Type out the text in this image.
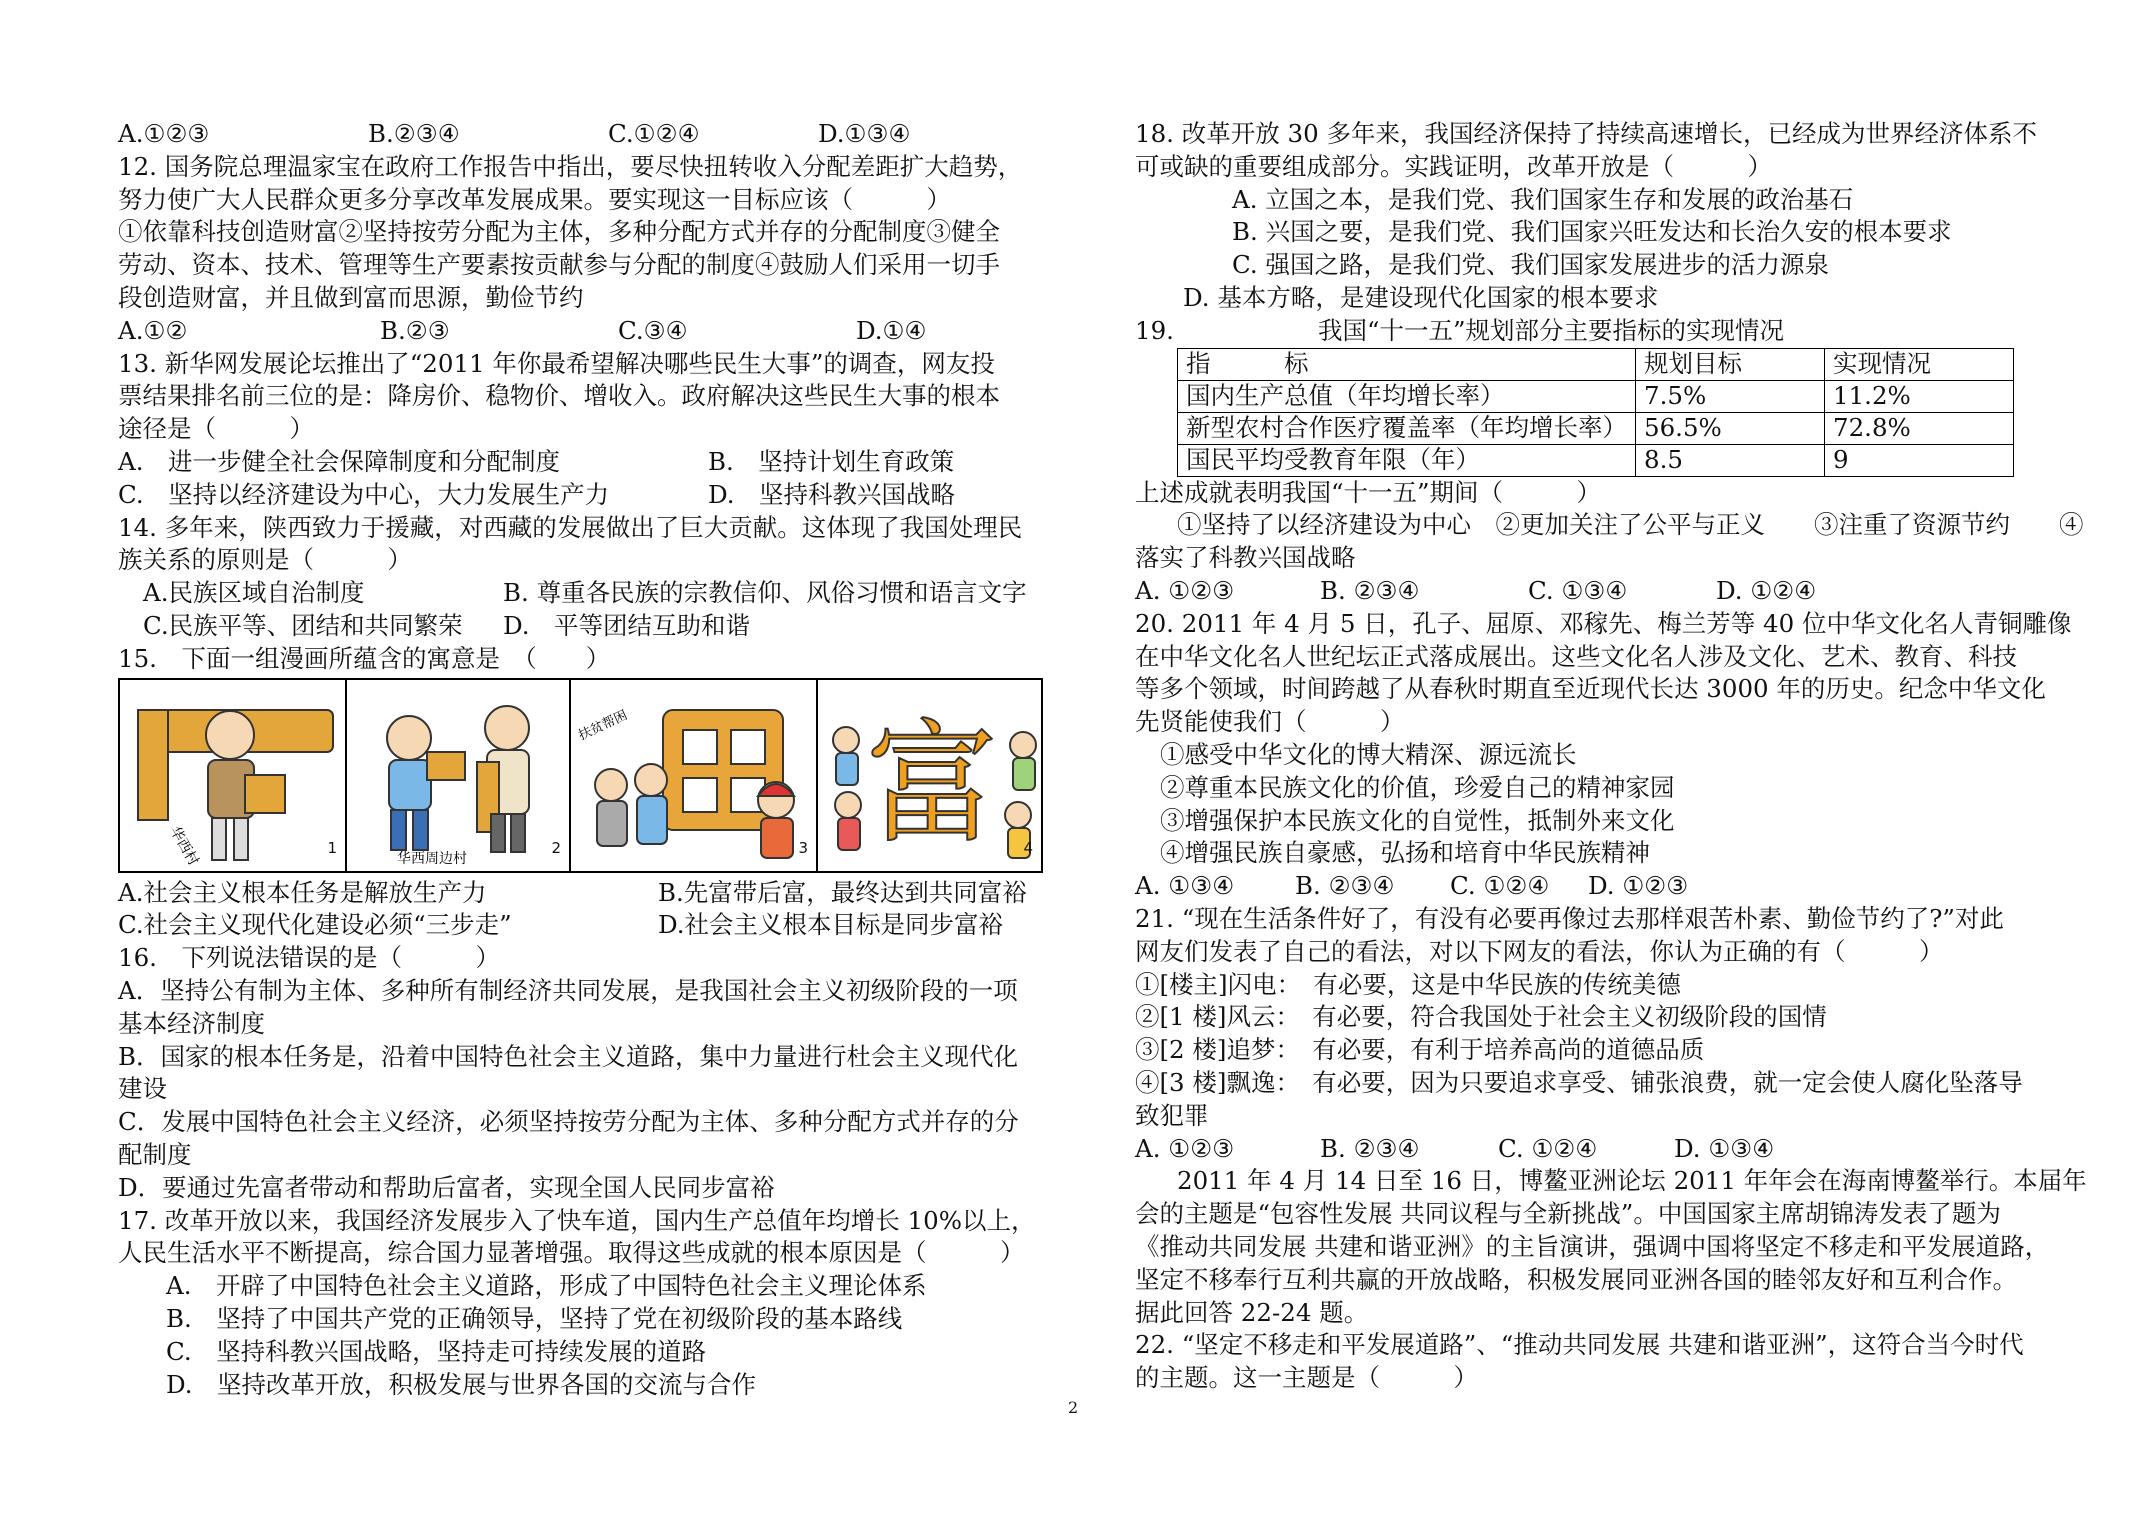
A.①②③	B.②③④	C.①②④	D.①③④
12. 国务院总理温家宝在政府工作报告中指出，要尽快扭转收入分配差距扩大趋势，
努力使广大人民群众更多分享改革发展成果。要实现这一目标应该（　　　）
①依靠科技创造财富②坚持按劳分配为主体，多种分配方式并存的分配制度③健全
劳动、资本、技术、管理等生产要素按贡献参与分配的制度④鼓励人们采用一切手
段创造财富，并且做到富而思源，勤俭节约
A.①②	B.②③	C.③④	D.①④
13. 新华网发展论坛推出了“2011 年你最希望解决哪些民生大事”的调查，网友投
票结果排名前三位的是：降房价、稳物价、增收入。政府解决这些民生大事的根本
途径是（　　　）
A.　进一步健全社会保障制度和分配制度	B.　坚持计划生育政策
C.　坚持以经济建设为中心，大力发展生产力	D.　坚持科教兴国战略
14. 多年来，陕西致力于援藏，对西藏的发展做出了巨大贡献。这体现了我国处理民
族关系的原则是（　　　）
A.民族区域自治制度	B. 尊重各民族的宗教信仰、风俗习惯和语言文字
C.民族平等、团结和共同繁荣	D.　平等团结互助和谐
15.　下面一组漫画所蕴含的寓意是　（　　）
华西村	1
华西周边村
2
扶贫帮困
3 富 4
A.社会主义根本任务是解放生产力	B.先富带后富，最终达到共同富裕
C.社会主义现代化建设必须“三步走”	D.社会主义根本目标是同步富裕
16.　下列说法错误的是（　　　）
A．坚持公有制为主体、多种所有制经济共同发展，是我国社会主义初级阶段的一项
基本经济制度
B．国家的根本任务是，沿着中国特色社会主义道路，集中力量进行杜会主义现代化
建设
C．发展中国特色社会主义经济，必须坚持按劳分配为主体、多种分配方式并存的分
配制度
D．要通过先富者带动和帮助后富者，实现全国人民同步富裕
17. 改革开放以来，我国经济发展步入了快车道，国内生产总值年均增长 10%以上，
人民生活水平不断提高，综合国力显著增强。取得这些成就的根本原因是（　　　）
A.　开辟了中国特色社会主义道路，形成了中国特色社会主义理论体系
B.　坚持了中国共产党的正确领导，坚持了党在初级阶段的基本路线
C.　坚持科教兴国战略，坚持走可持续发展的道路
D.　坚持改革开放，积极发展与世界各国的交流与合作
18. 改革开放 30 多年来，我国经济保持了持续高速增长，已经成为世界经济体系不
可或缺的重要组成部分。实践证明，改革开放是（　　　）
A. 立国之本，是我们党、我们国家生存和发展的政治基石
B. 兴国之要，是我们党、我们国家兴旺发达和长治久安的根本要求
C. 强国之路，是我们党、我们国家发展进步的活力源泉
D. 基本方略，是建设现代化国家的根本要求
19.	我国“十一五”规划部分主要指标的实现情况
指　　　标	规划目标	实现情况
国内生产总值（年均增长率）	7.5%	11.2%
新型农村合作医疗覆盖率（年均增长率）	56.5%	72.8%
国民平均受教育年限（年）	8.5	9
上述成就表明我国“十一五”期间（　　　）
①坚持了以经济建设为中心　②更加关注了公平与正义　　③注重了资源节约　　④
落实了科教兴国战略
A. ①②③	B. ②③④	C. ①③④	D. ①②④
20. 2011 年 4 月 5 日，孔子、屈原、邓稼先、梅兰芳等 40 位中华文化名人青铜雕像
在中华文化名人世纪坛正式落成展出。这些文化名人涉及文化、艺术、教育、科技
等多个领域，时间跨越了从春秋时期直至近现代长达 3000 年的历史。纪念中华文化
先贤能使我们（　　　）
①感受中华文化的博大精深、源远流长
②尊重本民族文化的价值，珍爱自己的精神家园
③增强保护本民族文化的自觉性，抵制外来文化
④增强民族自豪感，弘扬和培育中华民族精神
A. ①③④	B. ②③④	C. ①②④	D. ①②③
21. “现在生活条件好了，有没有必要再像过去那样艰苦朴素、勤俭节约了?”对此
网友们发表了自己的看法，对以下网友的看法，你认为正确的有（　　　）
①[楼主]闪电：　有必要，这是中华民族的传统美德
②[1 楼]风云：　有必要，符合我国处于社会主义初级阶段的国情
③[2 楼]追梦：　有必要，有利于培养高尚的道德品质
④[3 楼]飘逸：　有必要，因为只要追求享受、铺张浪费，就一定会使人腐化坠落导
致犯罪
A. ①②③	B. ②③④	C. ①②④	D. ①③④
2011 年 4 月 14 日至 16 日，博鳌亚洲论坛 2011 年年会在海南博鳌举行。本届年
会的主题是“包容性发展 共同议程与全新挑战”。中国国家主席胡锦涛发表了题为
《推动共同发展 共建和谐亚洲》的主旨演讲，强调中国将坚定不移走和平发展道路，
坚定不移奉行互利共赢的开放战略，积极发展同亚洲各国的睦邻友好和互利合作。
据此回答 22-24 题。
22. “坚定不移走和平发展道路”、“推动共同发展 共建和谐亚洲”，这符合当今时代
的主题。这一主题是（　　　）
2
